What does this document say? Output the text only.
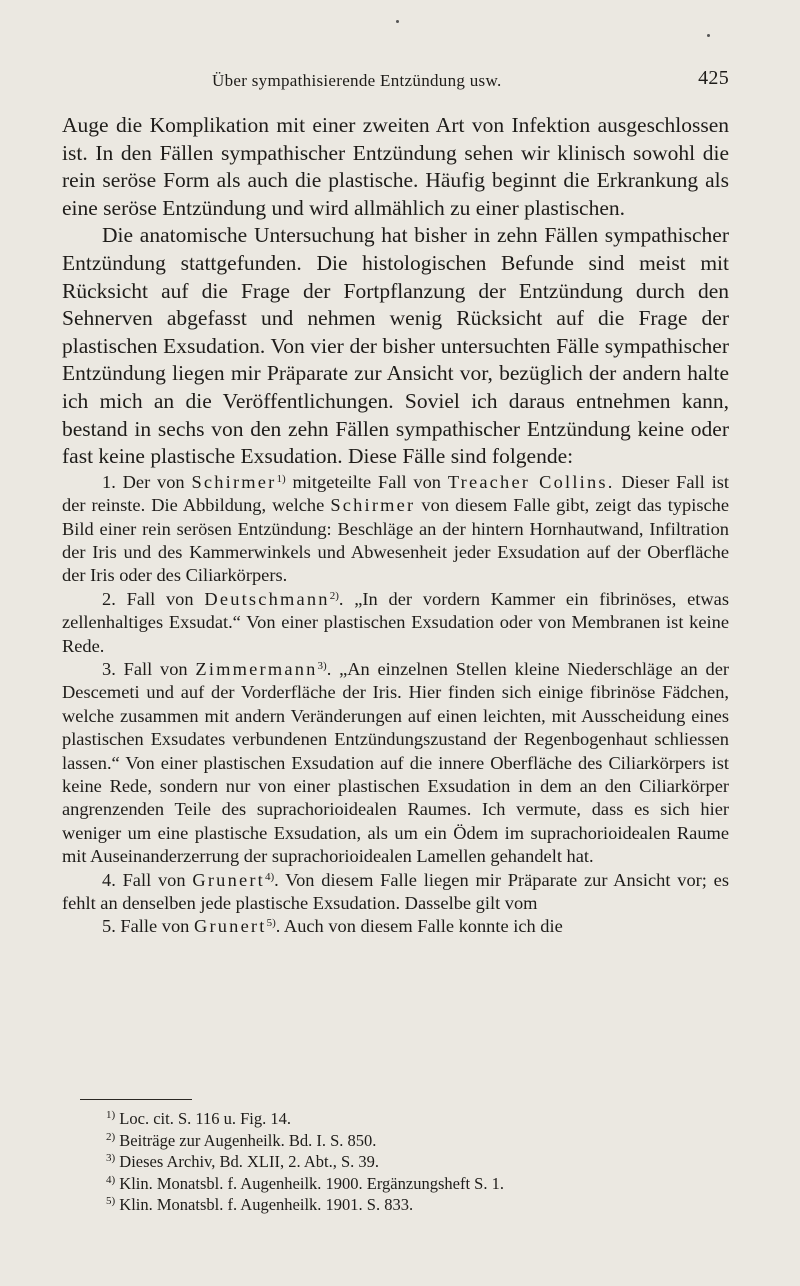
Über sympathisierende Entzündung usw.	425

Auge die Komplikation mit einer zweiten Art von Infektion ausgeschlossen ist. In den Fällen sympathischer Entzündung sehen wir klinisch sowohl die rein seröse Form als auch die plastische. Häufig beginnt die Erkrankung als eine seröse Entzündung und wird allmählich zu einer plastischen.

Die anatomische Untersuchung hat bisher in zehn Fällen sympathischer Entzündung stattgefunden. Die histologischen Befunde sind meist mit Rücksicht auf die Frage der Fortpflanzung der Entzündung durch den Sehnerven abgefasst und nehmen wenig Rücksicht auf die Frage der plastischen Exsudation. Von vier der bisher untersuchten Fälle sympathischer Entzündung liegen mir Präparate zur Ansicht vor, bezüglich der andern halte ich mich an die Veröffentlichungen. Soviel ich daraus entnehmen kann, bestand in sechs von den zehn Fällen sympathischer Entzündung keine oder fast keine plastische Exsudation. Diese Fälle sind folgende:

1. Der von Schirmer$^{1)}$ mitgeteilte Fall von Treacher Collins. Dieser Fall ist der reinste. Die Abbildung, welche Schirmer von diesem Falle gibt, zeigt das typische Bild einer rein serösen Entzündung: Beschläge an der hintern Hornhautwand, Infiltration der Iris und des Kammerwinkels und Abwesenheit jeder Exsudation auf der Oberfläche der Iris oder des Ciliarkörpers.

2. Fall von Deutschmann$^{2)}$. „In der vordern Kammer ein fibrinöses, etwas zellenhaltiges Exsudat.“ Von einer plastischen Exsudation oder von Membranen ist keine Rede.

3. Fall von Zimmermann$^{3)}$. „An einzelnen Stellen kleine Niederschläge an der Descemeti und auf der Vorderfläche der Iris. Hier finden sich einige fibrinöse Fädchen, welche zusammen mit andern Veränderungen auf einen leichten, mit Ausscheidung eines plastischen Exsudates verbundenen Entzündungszustand der Regenbogenhaut schliessen lassen.“ Von einer plastischen Exsudation auf die innere Oberfläche des Ciliarkörpers ist keine Rede, sondern nur von einer plastischen Exsudation in dem an den Ciliarkörper angrenzenden Teile des suprachorioidealen Raumes. Ich vermute, dass es sich hier weniger um eine plastische Exsudation, als um ein Ödem im suprachorioidealen Raume mit Auseinanderzerrung der suprachorioidealen Lamellen gehandelt hat.

4. Fall von Grunert$^{4)}$. Von diesem Falle liegen mir Präparate zur Ansicht vor; es fehlt an denselben jede plastische Exsudation. Dasselbe gilt vom

5. Falle von Grunert$^{5)}$. Auch von diesem Falle konnte ich die

$^{1)}$ Loc. cit. S. 116 u. Fig. 14.
$^{2)}$ Beiträge zur Augenheilk. Bd. I. S. 850.
$^{3)}$ Dieses Archiv, Bd. XLII, 2. Abt., S. 39.
$^{4)}$ Klin. Monatsbl. f. Augenheilk. 1900. Ergänzungsheft S. 1.
$^{5)}$ Klin. Monatsbl. f. Augenheilk. 1901. S. 833.
